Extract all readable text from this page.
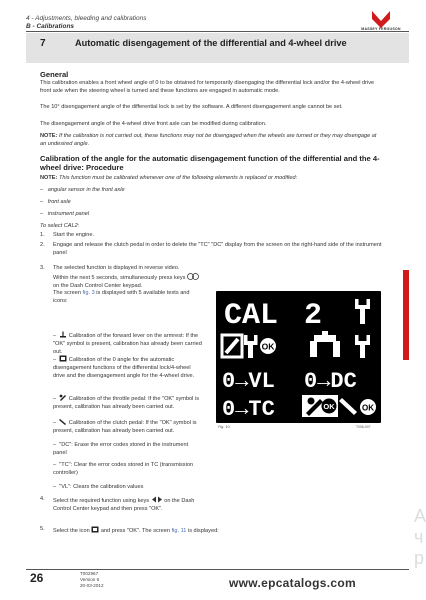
4 - Adjustments, bleeding and calibrations
B - Calibrations	MASSEY FERGUSON
7	Automatic disengagement of the differential and 4-wheel drive
General
This calibration enables a front wheel angle of 0 to be obtained for temporarily disengaging the differential lock and/or the 4-wheel drive front axle when the steering wheel is turned and these functions are engaged in automatic mode.
The 10° disengagement angle of the differential lock is set by the software. A different disengagement angle cannot be set.
The disengagement angle of the 4-wheel drive front axle can be modified during calibration.
NOTE: If the calibration is not carried out, these functions may not be disengaged when the wheels are turned or they may disengage at an undesired angle.
Calibration of the angle for the automatic disengagement function of the differential and the 4-wheel drive: Procedure
NOTE: This function must be calibrated whenever one of the following elements is replaced or modified:
–   angular sensor in the front axle
–   front axle
–   instrument panel
To select CAL2:
1. Start the engine.
2. Engage and release the clutch pedal in order to delete the "TC" "DC" display from the screen on the right-hand side of the instrument panel
3. The selected function is displayed in reverse video.
Within the next 5 seconds, simultaneously press keys  on the Dash Control Center keypad.
The screen fig. 3 is displayed with 5 available texts and icons:
–   Calibration of the forward lever on the armrest: If the "OK" symbol is present, calibration has already been carried out.
–   Calibration of the 0 angle for the automatic disengagement functions of the differential lock/4-wheel drive and the disengagement angle for the 4-wheel drive.
–   Calibration of the throttle pedal: If the "OK" symbol is present, calibration has already been carried out.
–   Calibration of the clutch pedal: If the "OK" symbol is present, calibration has already been carried out.
–  "DC": Erase the error codes stored in the instrument panel
–  "TC": Clear the error codes stored in TC (transmission controller)
–  "VL": Clears the calibration values
4. Select the required function using keys	on the Dash Control Center keypad and then press "OK".
5. Select the icon and press "OK". The screen fig. 11 is displayed:
CAL 2
OK
0→VL 0→DC
0→TC	OK	OK
Fig. 10	T006-007
A
ч
p
26	T002967
Version 6
20-03-2012	www.epcatalogs.com
